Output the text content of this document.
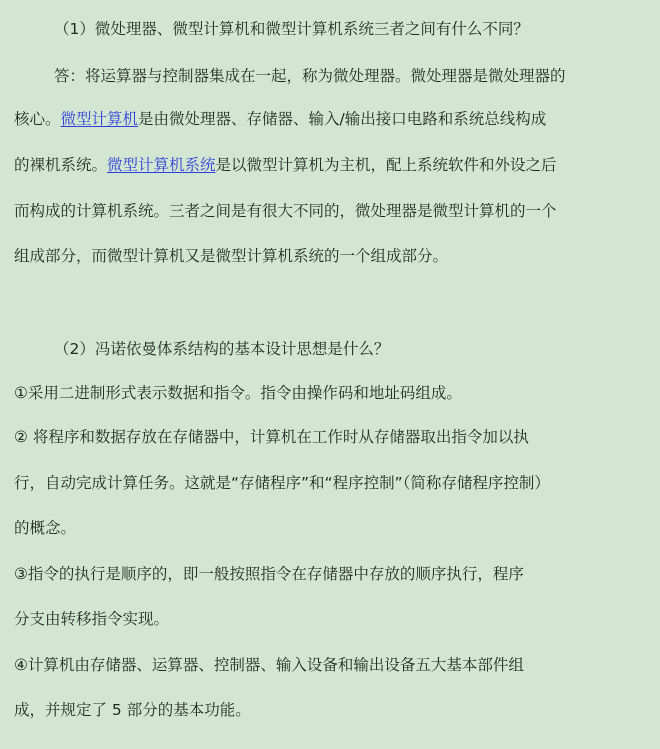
（1）微处理器、微型计算机和微型计算机系统三者之间有什么不同？
答：将运算器与控制器集成在一起，称为微处理器。微处理器是微处理器的
核心。微型计算机是由微处理器、存储器、输入/输出接口电路和系统总线构成
的裸机系统。微型计算机系统是以微型计算机为主机，配上系统软件和外设之后
而构成的计算机系统。三者之间是有很大不同的，微处理器是微型计算机的一个
组成部分，而微型计算机又是微型计算机系统的一个组成部分。
（2）冯诺依曼体系结构的基本设计思想是什么？
①采用二进制形式表示数据和指令。指令由操作码和地址码组成。
② 将程序和数据存放在存储器中，计算机在工作时从存储器取出指令加以执
行，自动完成计算任务。这就是“存储程序”和“程序控制”（简称存储程序控制）
的概念。
③指令的执行是顺序的，即一般按照指令在存储器中存放的顺序执行，程序
分支由转移指令实现。
④计算机由存储器、运算器、控制器、输入设备和输出设备五大基本部件组
成，并规定了 5 部分的基本功能。
